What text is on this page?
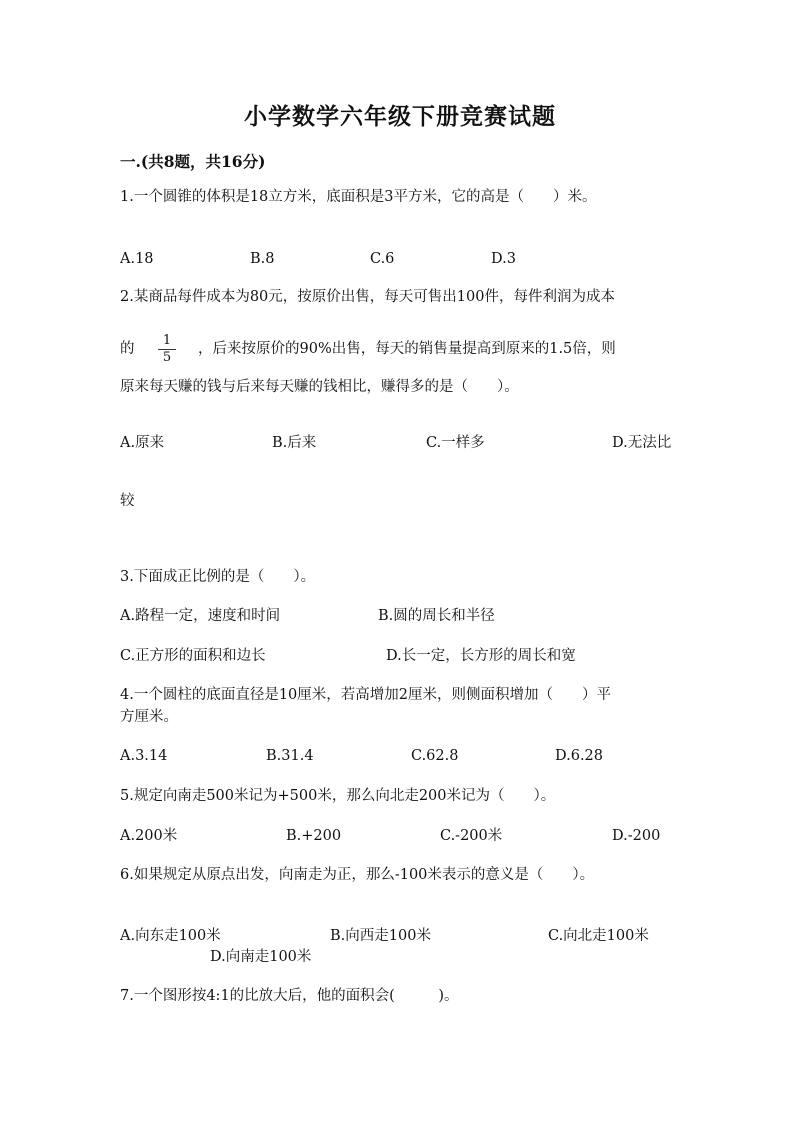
小学数学六年级下册竞赛试题
一.(共8题，共16分)
1.一个圆锥的体积是18立方米，底面积是3平方米，它的高是（　　）米。
A.18	B.8	C.6	D.3
2.某商品每件成本为80元，按原价出售，每天可售出100件，每件利润为成本
的 $\frac{1}{5}$ ，后来按原价的90%出售，每天的销售量提高到原来的1.5倍，则
原来每天赚的钱与后来每天赚的钱相比，赚得多的是（　　）。
A.原来	B.后来	C.一样多	D.无法比
较
3.下面成正比例的是（　　）。
A.路程一定，速度和时间	B.圆的周长和半径
C.正方形的面积和边长	D.长一定，长方形的周长和宽
4.一个圆柱的底面直径是10厘米，若高增加2厘米，则侧面积增加（　　）平
方厘米。
A.3.14	B.31.4	C.62.8	D.6.28
5.规定向南走500米记为+500米，那么向北走200米记为（　　）。
A.200米	B.+200	C.-200米	D.-200
6.如果规定从原点出发，向南走为正，那么-100米表示的意义是（　　）。
A.向东走100米	B.向西走100米	C.向北走100米
D.向南走100米
7.一个图形按4:1的比放大后，他的面积会(　　　)。
